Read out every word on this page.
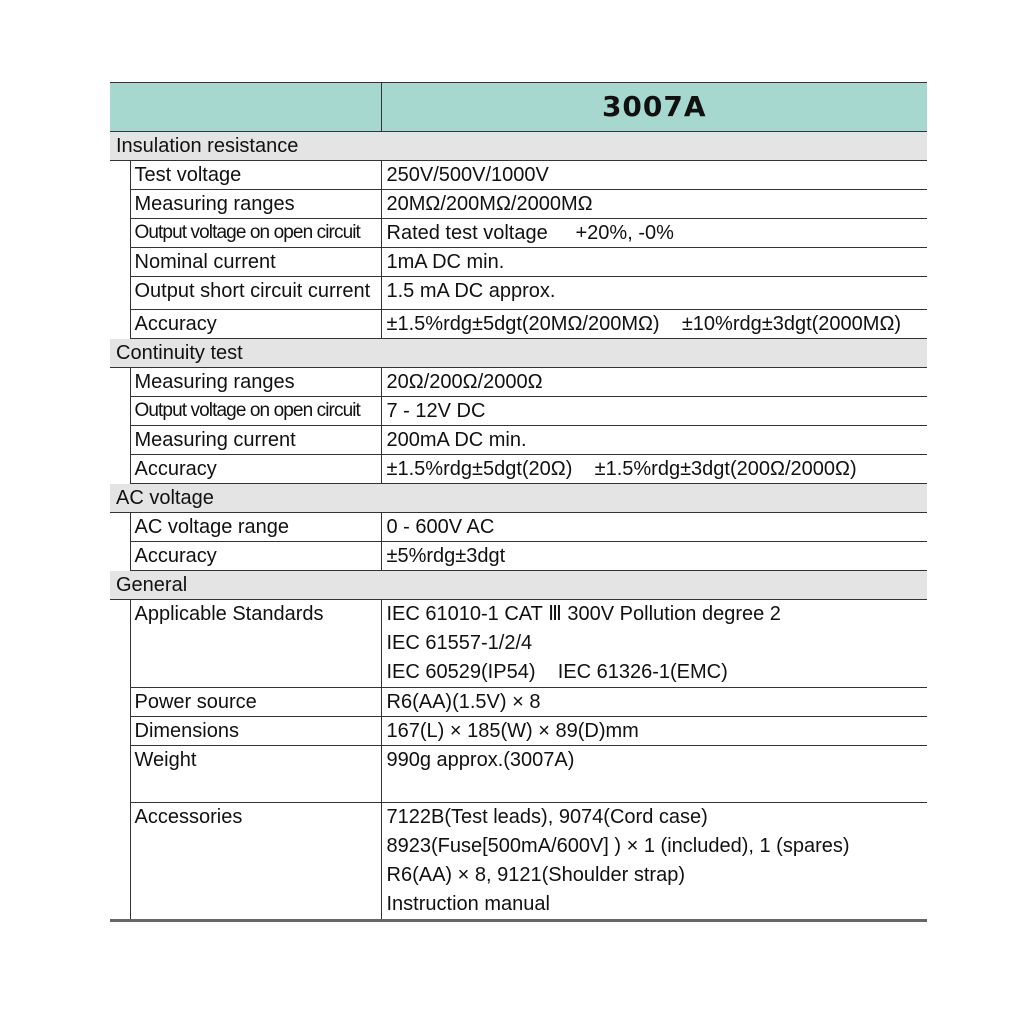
		3007A
Insulation resistance		
	Test voltage	250V/500V/1000V

	Measuring ranges	20MΩ/200MΩ/2000MΩ

	Output voltage on open circuit	Rated test voltage     +20%, -0%

	Nominal current	1mA DC min.

	Output short circuit current	1.5 mA DC approx.

	Accuracy	±1.5%rdg±5dgt(20MΩ/200MΩ)    ±10%rdg±3dgt(2000MΩ)

Continuity test		
	Measuring ranges	20Ω/200Ω/2000Ω

	Output voltage on open circuit	7 - 12V DC

	Measuring current	200mA DC min.

	Accuracy	±1.5%rdg±5dgt(20Ω)    ±1.5%rdg±3dgt(200Ω/2000Ω)

AC voltage		
	AC voltage range	0 - 600V AC

	Accuracy	±5%rdg±3dgt

General		
	Applicable Standards	IEC 61010-1 CAT Ⅲ 300V Pollution degree 2
IEC 61557-1/2/4
IEC 60529(IP54)    IEC 61326-1(EMC)

	Power source	R6(AA)(1.5V) × 8

	Dimensions	167(L) × 185(W) × 89(D)mm

	Weight	990g approx.(3007A)

	Accessories	7122B(Test leads), 9074(Cord case)
8923(Fuse[500mA/600V] ) × 1 (included), 1 (spares)
R6(AA) × 8, 9121(Shoulder strap)
Instruction manual
